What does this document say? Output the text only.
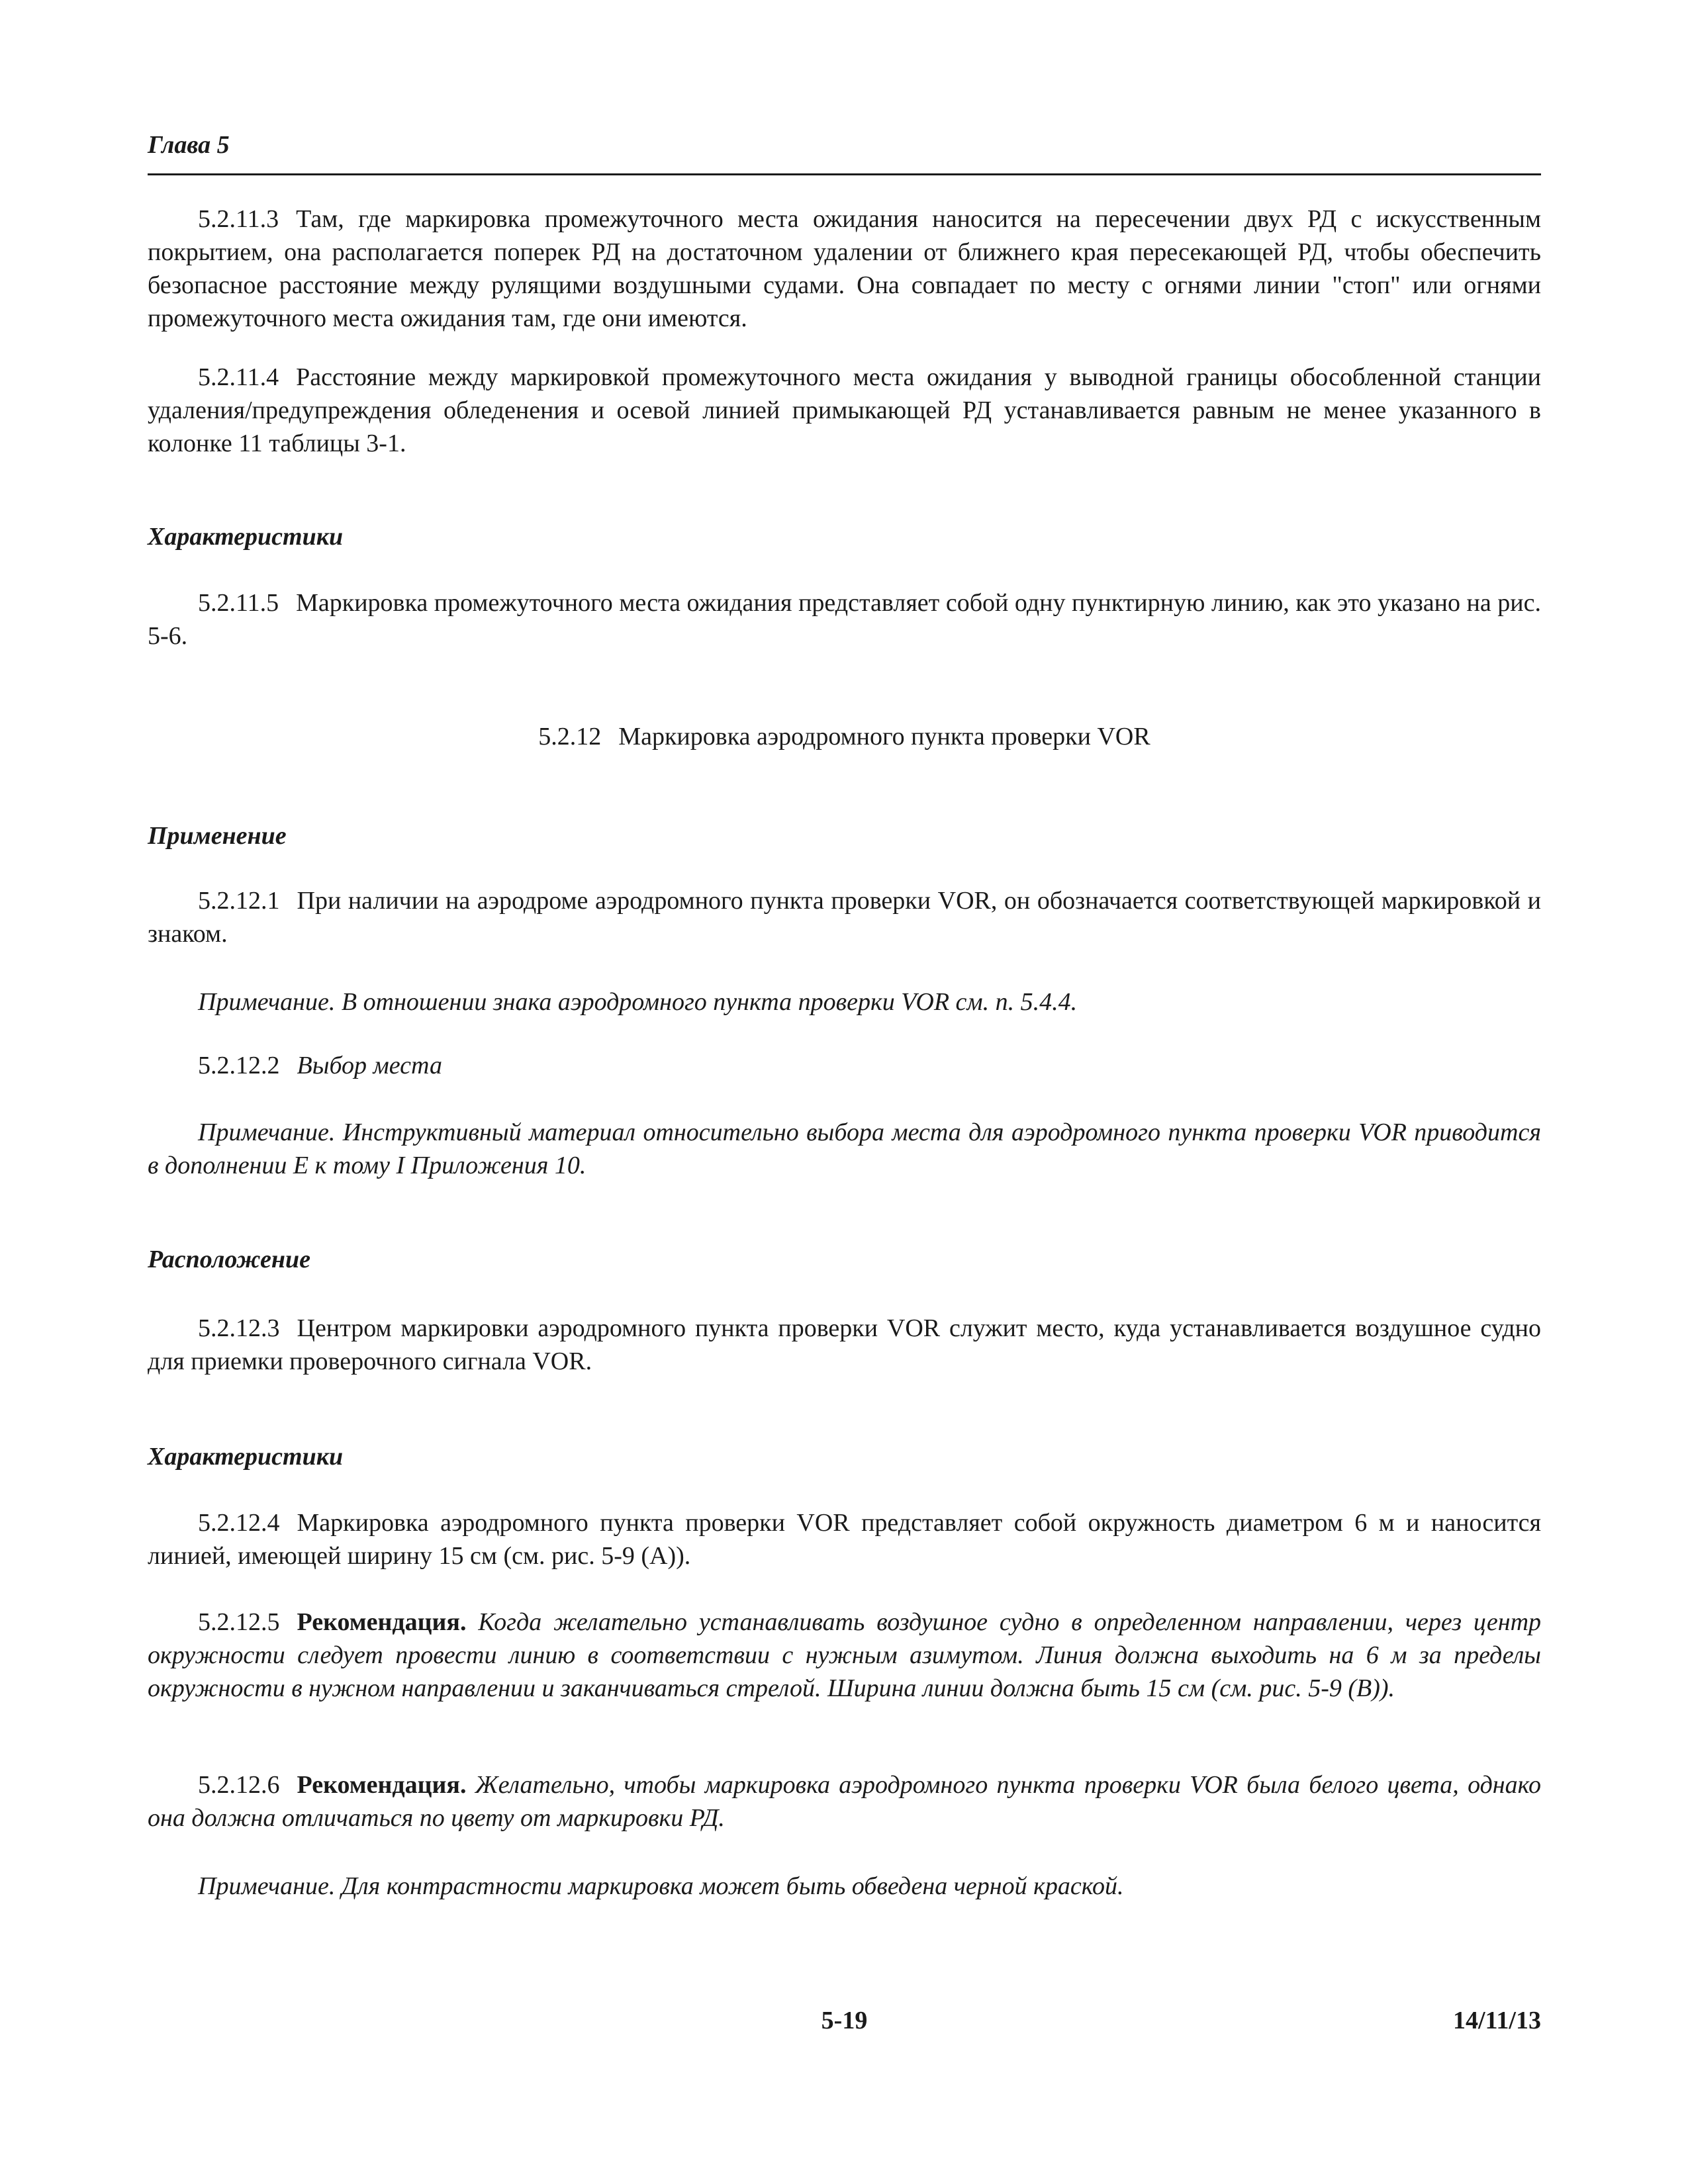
Глава 5

5.2.11.3 Там, где маркировка промежуточного места ожидания наносится на пересечении двух РД с искусственным покрытием, она располагается поперек РД на достаточном удалении от ближнего края пересекающей РД, чтобы обеспечить безопасное расстояние между рулящими воздушными судами. Она совпадает по месту с огнями линии "стоп" или огнями промежуточного места ожидания там, где они имеются.

5.2.11.4 Расстояние между маркировкой промежуточного места ожидания у выводной границы обособленной станции удаления/предупреждения обледенения и осевой линией примыкающей РД устанавливается равным не менее указанного в колонке 11 таблицы 3-1.

Характеристики

5.2.11.5 Маркировка промежуточного места ожидания представляет собой одну пунктирную линию, как это указано на рис. 5-6.

5.2.12 Маркировка аэродромного пункта проверки VOR

Применение

5.2.12.1 При наличии на аэродроме аэродромного пункта проверки VOR, он обозначается соответствующей маркировкой и знаком.

Примечание. В отношении знака аэродромного пункта проверки VOR см. п. 5.4.4.

5.2.12.2 Выбор места

Примечание. Инструктивный материал относительно выбора места для аэродромного пункта проверки VOR приводится в дополнении E к тому I Приложения 10.

Расположение

5.2.12.3 Центром маркировки аэродромного пункта проверки VOR служит место, куда устанавливается воздушное судно для приемки проверочного сигнала VOR.

Характеристики

5.2.12.4 Маркировка аэродромного пункта проверки VOR представляет собой окружность диаметром 6 м и наносится линией, имеющей ширину 15 см (см. рис. 5-9 (A)).

5.2.12.5 Рекомендация. Когда желательно устанавливать воздушное судно в определенном направлении, через центр окружности следует провести линию в соответствии с нужным азимутом. Линия должна выходить на 6 м за пределы окружности в нужном направлении и заканчиваться стрелой. Ширина линии должна быть 15 см (см. рис. 5-9 (B)).

5.2.12.6 Рекомендация. Желательно, чтобы маркировка аэродромного пункта проверки VOR была белого цвета, однако она должна отличаться по цвету от маркировки РД.

Примечание. Для контрастности маркировка может быть обведена черной краской.

5-19	14/11/13
